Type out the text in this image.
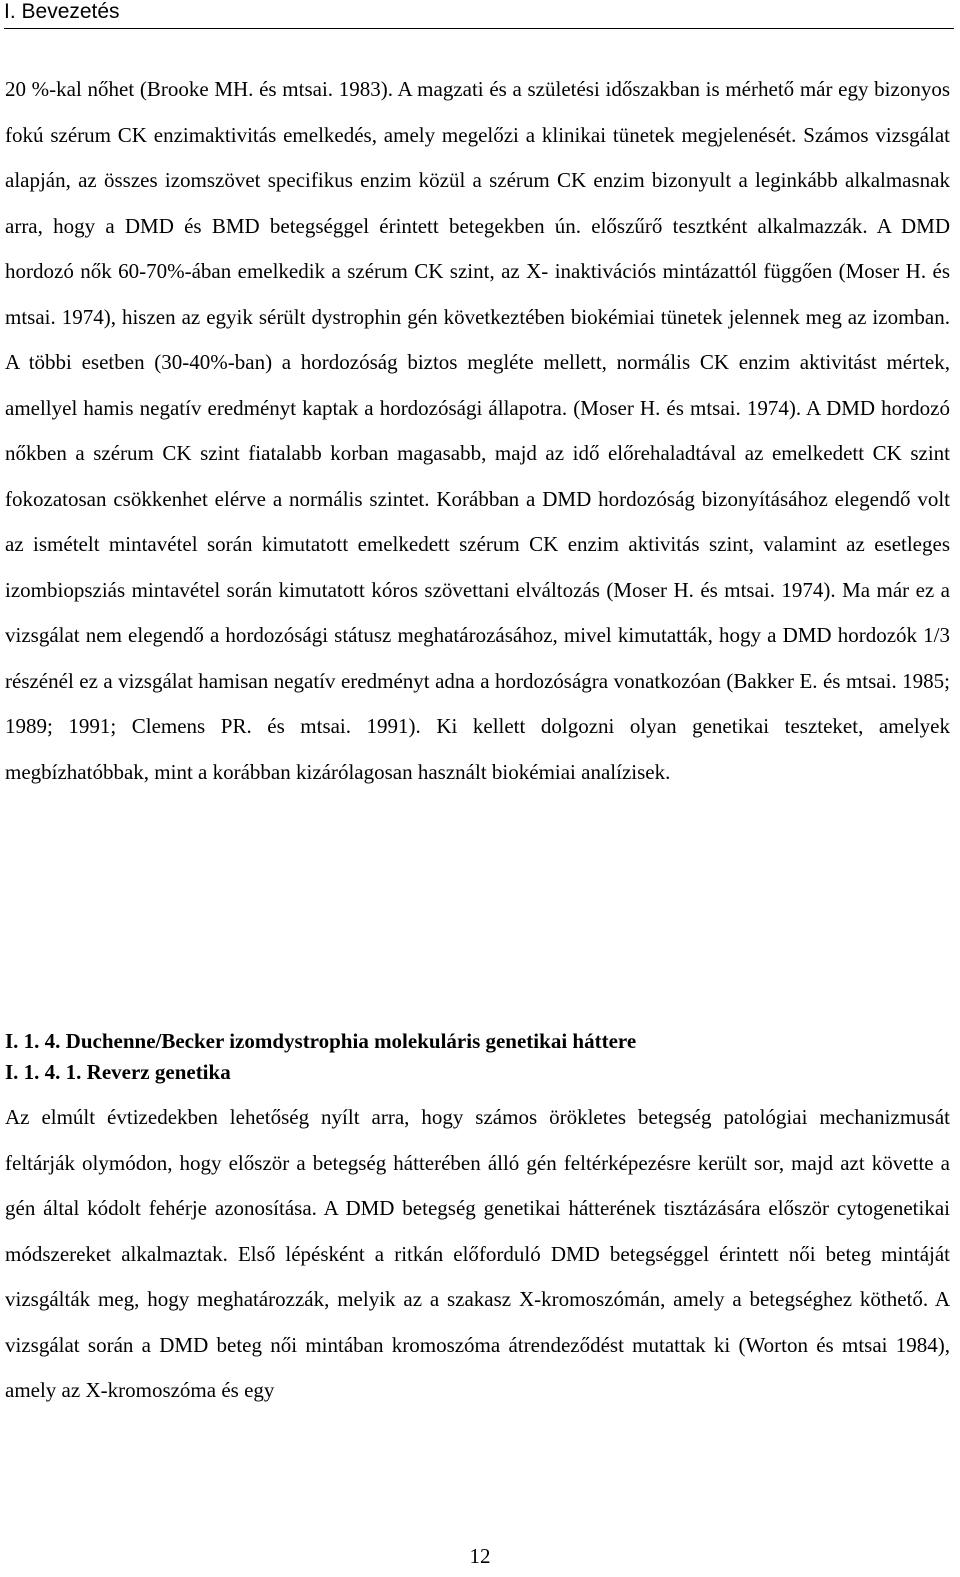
I. Bevezetés

20 %-kal nőhet (Brooke MH. és mtsai. 1983). A magzati és a születési időszakban is mérhető már egy bizonyos fokú szérum CK enzimaktivitás emelkedés, amely megelőzi a klinikai tünetek megjelenését. Számos vizsgálat alapján, az összes izomszövet specifikus enzim közül a szérum CK enzim bizonyult a leginkább alkalmasnak arra, hogy a DMD és BMD betegséggel érintett betegekben ún. előszűrő tesztként alkalmazzák. A DMD hordozó nők 60-70%-ában emelkedik a szérum CK szint, az X- inaktivációs mintázattól függően (Moser H. és mtsai. 1974), hiszen az egyik sérült dystrophin gén következtében biokémiai tünetek jelennek meg az izomban. A többi esetben (30-40%-ban) a hordozóság biztos megléte mellett, normális CK enzim aktivitást mértek, amellyel hamis negatív eredményt kaptak a hordozósági állapotra. (Moser H. és mtsai. 1974). A DMD hordozó nőkben a szérum CK szint fiatalabb korban magasabb, majd az idő előrehaladtával az emelkedett CK szint fokozatosan csökkenhet elérve a normális szintet. Korábban a DMD hordozóság bizonyításához elegendő volt az ismételt mintavétel során kimutatott emelkedett szérum CK enzim aktivitás szint, valamint az esetleges izombiopsziás mintavétel során kimutatott kóros szövettani elváltozás (Moser H. és mtsai. 1974). Ma már ez a vizsgálat nem elegendő a hordozósági státusz meghatározásához, mivel kimutatták, hogy a DMD hordozók 1/3 részénél ez a vizsgálat hamisan negatív eredményt adna a hordozóságra vonatkozóan (Bakker E. és mtsai. 1985; 1989; 1991; Clemens PR. és mtsai. 1991). Ki kellett dolgozni olyan genetikai teszteket, amelyek megbízhatóbbak, mint a korábban kizárólagosan használt biokémiai analízisek.

I. 1. 4. Duchenne/Becker izomdystrophia molekuláris genetikai háttere
I. 1. 4. 1. Reverz genetika

Az elmúlt évtizedekben lehetőség nyílt arra, hogy számos örökletes betegség patológiai mechanizmusát feltárják olymódon, hogy először a betegség hátterében álló gén feltérképezésre került sor, majd azt követte a gén által kódolt fehérje azonosítása. A DMD betegség genetikai hátterének tisztázására először cytogenetikai módszereket alkalmaztak. Első lépésként a ritkán előforduló DMD betegséggel érintett női beteg mintáját vizsgálták meg, hogy meghatározzák, melyik az a szakasz X-kromoszómán, amely a betegséghez köthető. A vizsgálat során a DMD beteg női mintában kromoszóma átrendeződést mutattak ki (Worton és mtsai 1984), amely az X-kromoszóma és egy

12
